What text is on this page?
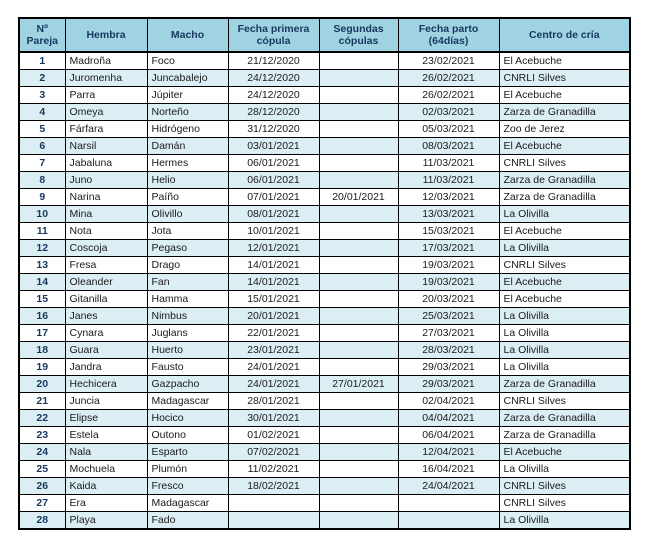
Nº Pareja	Hembra	Macho	Fecha primera cópula	Segundas cópulas	Fecha parto (64días)	Centro de cría
1	Madroña	Foco	21/12/2020		23/02/2021	El Acebuche
2	Juromenha	Juncabalejo	24/12/2020		26/02/2021	CNRLI Silves
3	Parra	Júpiter	24/12/2020		26/02/2021	El Acebuche
4	Omeya	Norteño	28/12/2020		02/03/2021	Zarza de Granadilla
5	Fárfara	Hidrógeno	31/12/2020		05/03/2021	Zoo de Jerez
6	Narsil	Damán	03/01/2021		08/03/2021	El Acebuche
7	Jabaluna	Hermes	06/01/2021		11/03/2021	CNRLI Silves
8	Juno	Helio	06/01/2021		11/03/2021	Zarza de Granadilla
9	Narina	Paíño	07/01/2021	20/01/2021	12/03/2021	Zarza de Granadilla
10	Mina	Olivillo	08/01/2021		13/03/2021	La Olivilla
11	Nota	Jota	10/01/2021		15/03/2021	El Acebuche
12	Coscoja	Pegaso	12/01/2021		17/03/2021	La Olivilla
13	Fresa	Drago	14/01/2021		19/03/2021	CNRLI Silves
14	Oleander	Fan	14/01/2021		19/03/2021	El Acebuche
15	Gitanilla	Hamma	15/01/2021		20/03/2021	El Acebuche
16	Janes	Nimbus	20/01/2021		25/03/2021	La Olivilla
17	Cynara	Juglans	22/01/2021		27/03/2021	La Olivilla
18	Guara	Huerto	23/01/2021		28/03/2021	La Olivilla
19	Jandra	Fausto	24/01/2021		29/03/2021	La Olivilla
20	Hechicera	Gazpacho	24/01/2021	27/01/2021	29/03/2021	Zarza de Granadilla
21	Juncia	Madagascar	28/01/2021		02/04/2021	CNRLI Silves
22	Elipse	Hocico	30/01/2021		04/04/2021	Zarza de Granadilla
23	Estela	Outono	01/02/2021		06/04/2021	Zarza de Granadilla
24	Nala	Esparto	07/02/2021		12/04/2021	El Acebuche
25	Mochuela	Plumón	11/02/2021		16/04/2021	La Olivilla
26	Kaida	Fresco	18/02/2021		24/04/2021	CNRLI Silves
27	Era	Madagascar				CNRLI Silves
28	Playa	Fado				La Olivilla
